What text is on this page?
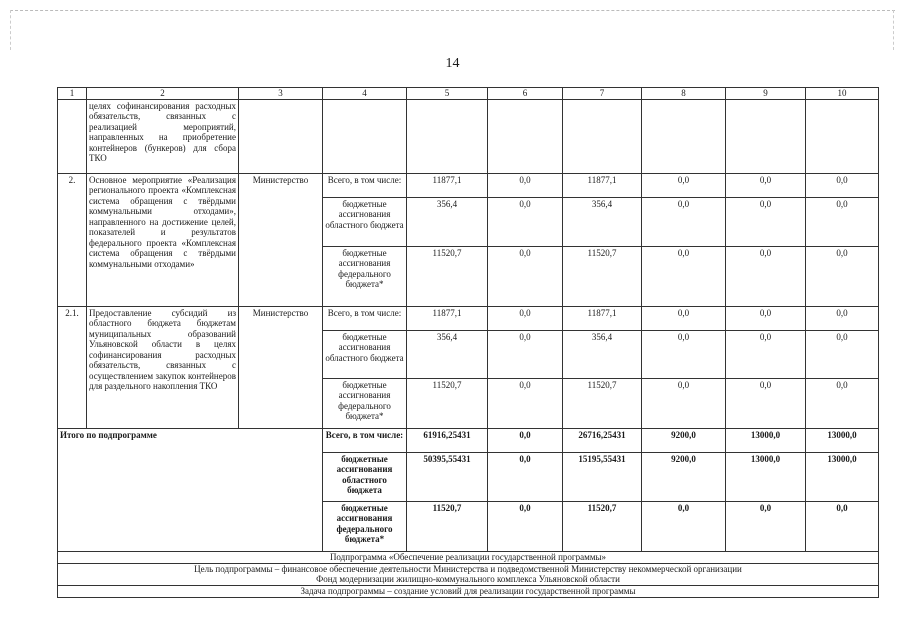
14
1	2	3	4	5	6	7	8	9	10
	целях софинансирования расходных обязательств, связанных с реализацией мероприятий, направленных на приобретение контейнеров (бункеров) для сбора ТКО								
2.	Основное мероприятие «Реализация регионального проекта «Комплексная система обращения с твёрдыми коммунальными отходами», направленного на достижение целей, показателей и результатов федерального проекта «Комплексная система обращения с твёрдыми коммунальными отходами»	Министерство	Всего, в том числе:	11877,1	0,0	11877,1	0,0	0,0	0,0
			бюджетные ассигнования областного бюджета	356,4	0,0	356,4	0,0	0,0	0,0
			бюджетные ассигнования федерального бюджета*	11520,7	0,0	11520,7	0,0	0,0	0,0
2.1.	Предоставление субсидий из областного бюджета бюджетам муниципальных образований Ульяновской области в целях софинансирования расходных обязательств, связанных с осуществлением закупок контейнеров для раздельного накопления ТКО	Министерство	Всего, в том числе:	11877,1	0,0	11877,1	0,0	0,0	0,0
			бюджетные ассигнования областного бюджета	356,4	0,0	356,4	0,0	0,0	0,0
			бюджетные ассигнования федерального бюджета*	11520,7	0,0	11520,7	0,0	0,0	0,0
Итого по подпрограмме			Всего, в том числе:	61916,25431	0,0	26716,25431	9200,0	13000,0	13000,0
			бюджетные ассигнования областного бюджета	50395,55431	0,0	15195,55431	9200,0	13000,0	13000,0
			бюджетные ассигнования федерального бюджета*	11520,7	0,0	11520,7	0,0	0,0	0,0
Подпрограмма «Обеспечение реализации государственной программы»									

Цель подпрограммы – финансовое обеспечение деятельности Министерства и подведомственной Министерству некоммерческой организации
Фонд модернизации жилищно-коммунального комплекса Ульяновской области									

Задача подпрограммы – создание условий для реализации государственной программы									
